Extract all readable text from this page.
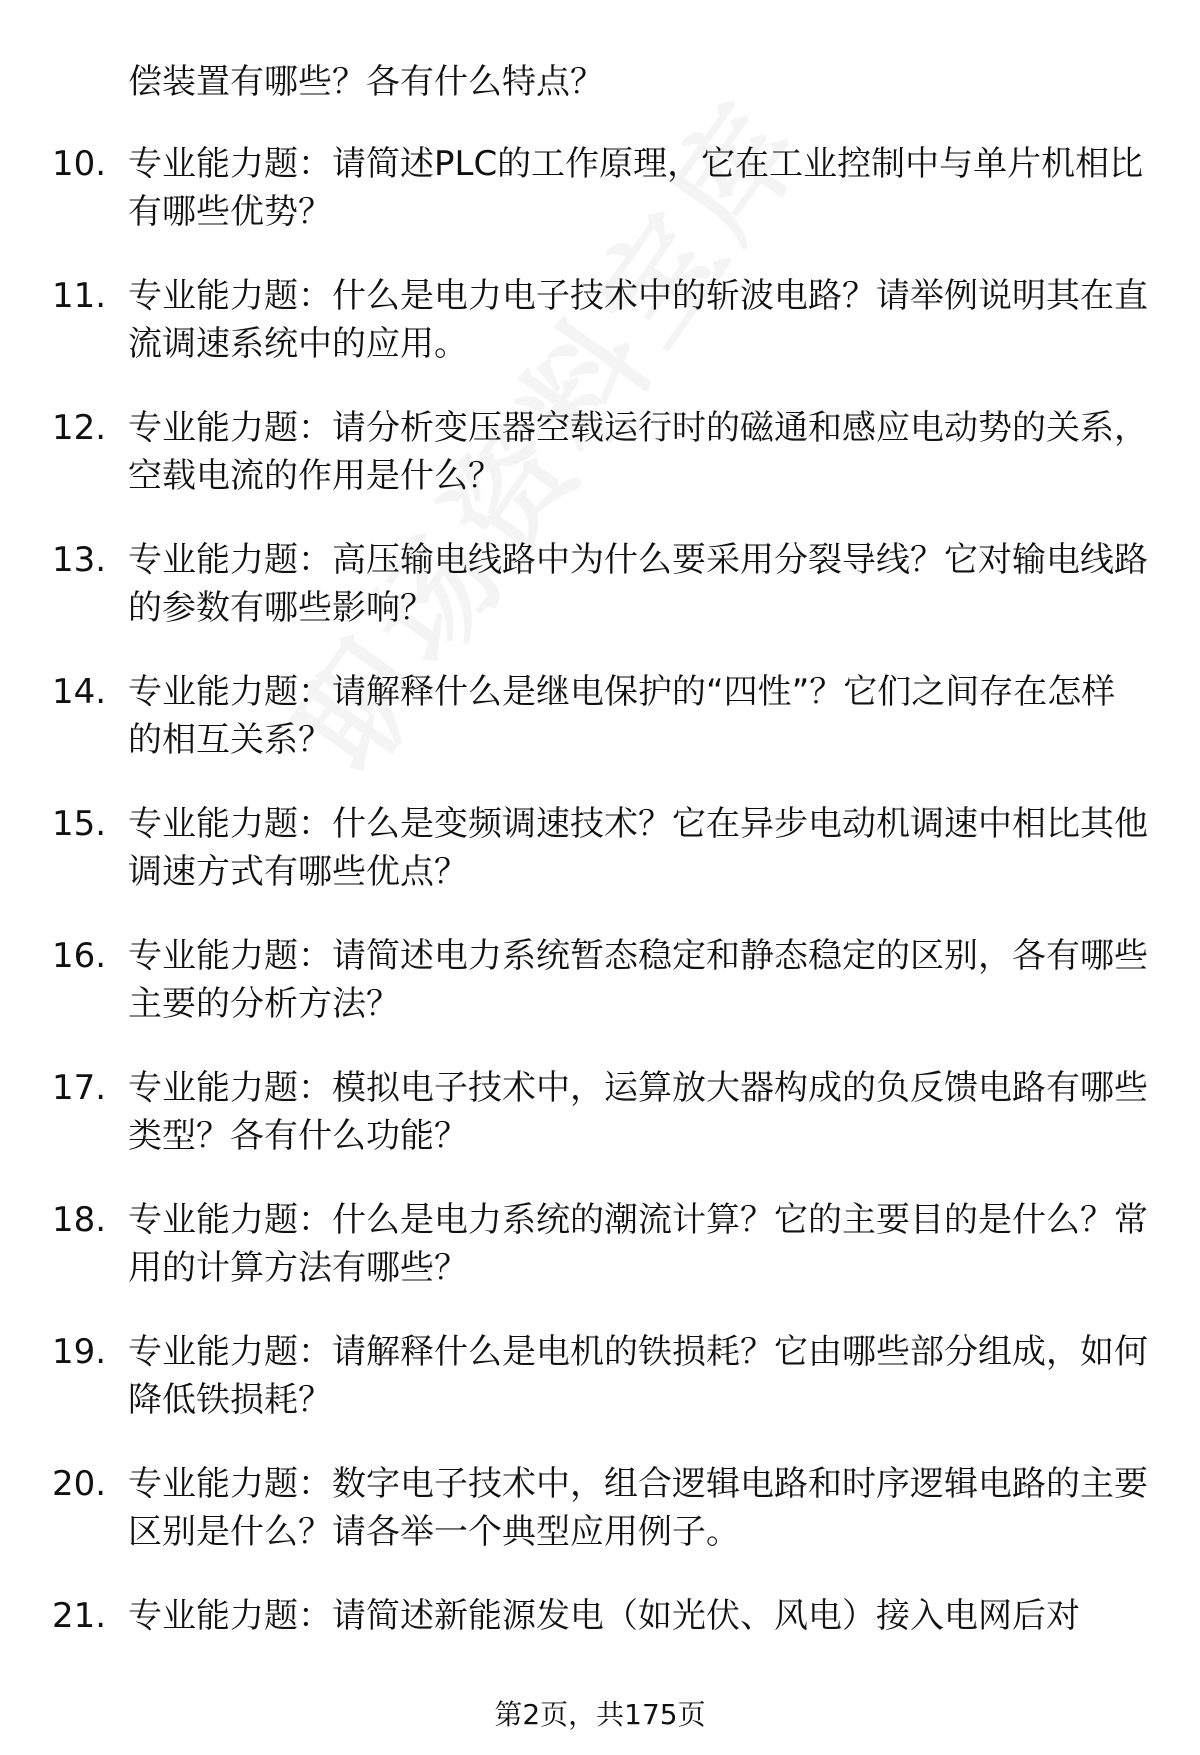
偿装置有哪些？各有什么特点？
10. 专业能力题：请简述PLC的工作原理，它在工业控制中与单片机相比有哪些优势？
11. 专业能力题：什么是电力电子技术中的斩波电路？请举例说明其在直流调速系统中的应用。
12. 专业能力题：请分析变压器空载运行时的磁通和感应电动势的关系，空载电流的作用是什么？
13. 专业能力题：高压输电线路中为什么要采用分裂导线？它对输电线路的参数有哪些影响？
14. 专业能力题：请解释什么是继电保护的“四性”？它们之间存在怎样的相互关系？
15. 专业能力题：什么是变频调速技术？它在异步电动机调速中相比其他调速方式有哪些优点？
16. 专业能力题：请简述电力系统暂态稳定和静态稳定的区别，各有哪些主要的分析方法？
17. 专业能力题：模拟电子技术中，运算放大器构成的负反馈电路有哪些类型？各有什么功能？
18. 专业能力题：什么是电力系统的潮流计算？它的主要目的是什么？常用的计算方法有哪些？
19. 专业能力题：请解释什么是电机的铁损耗？它由哪些部分组成，如何降低铁损耗？
20. 专业能力题：数字电子技术中，组合逻辑电路和时序逻辑电路的主要区别是什么？请各举一个典型应用例子。
21. 专业能力题：请简述新能源发电（如光伏、风电）接入电网后对
第2页，共175页
